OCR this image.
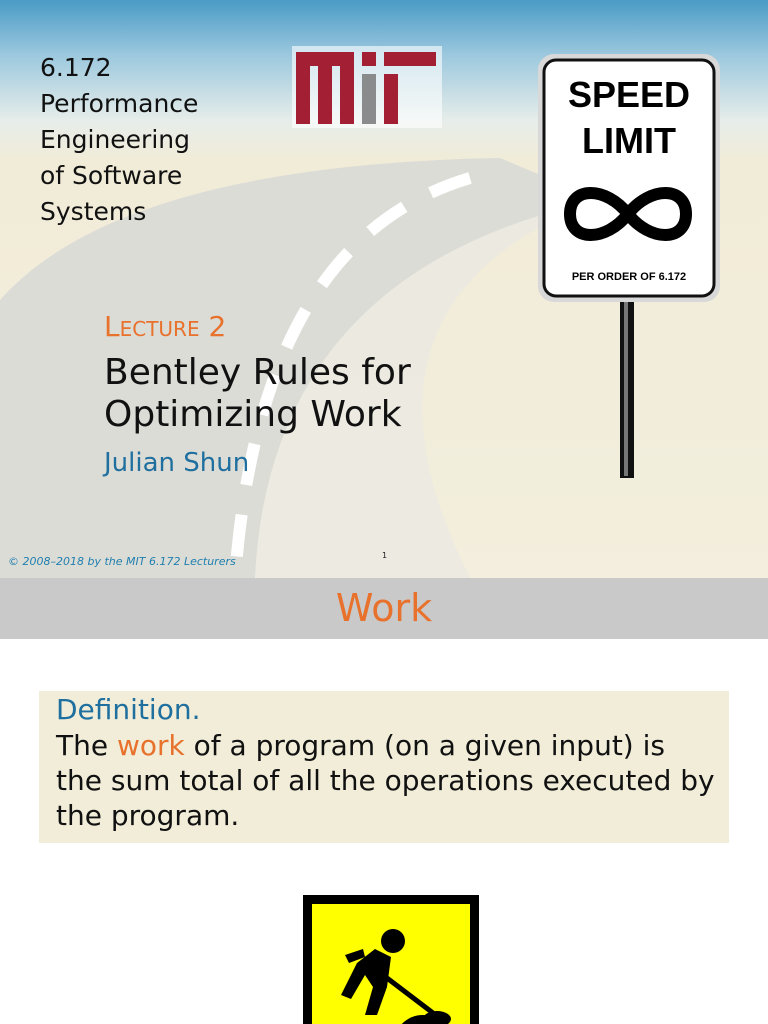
6.172
Performance
Engineering
of Software
Systems

SPEED
LIMIT
PER ORDER OF 6.172
Lecture 2

Bentley Rules for
Optimizing Work

Julian Shun
© 2008–2018 by the MIT 6.172 Lecturers	1
Work
Definition.

The work of a program (on a given input) is the sum total of all the operations executed by the program.
